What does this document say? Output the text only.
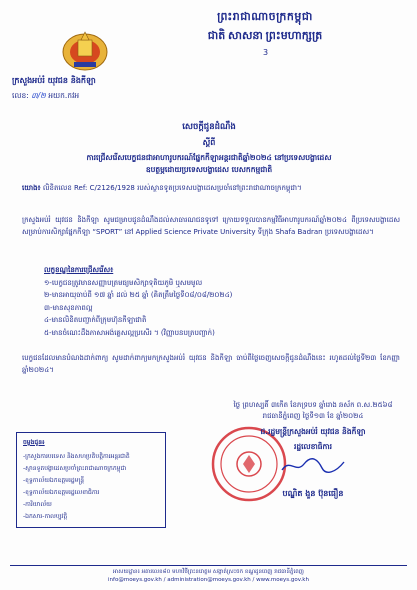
ព្រះរាជាណាចក្រកម្ពុជា
ជាតិ សាសនា ព្រះមហាក្សត្រ
3
ក្រសួងអប់រំ យុវជន និងកីឡា
លេខ: ៣/២ អយក.កវអ
សេចក្តីជូនដំណឹង
ស្តីពី
ការជ្រើសរើសបេក្ខជនជាអាហារូបករណ៍ផ្នែកកីឡាអន្តរជាតិឆ្នាំ២០២៤ នៅប្រទេសបង្លាដេស
ឧបត្ថម្ភដោយប្រទេសបង្លាដេស បេសកកម្មជាតិ
យោង៖ លិខិតលេខ Ref: C/2126/1928 របស់ស្ថានទូតប្រទេសបង្លាដេសប្រចាំនៅព្រះរាជាណាចក្រកម្ពុជា។
ក្រសួងអប់រំ យុវជន និងកីឡា សូមជម្រាបជូនដំណឹងដល់សាធារណជនទូទៅ ក្រោយទទួលបានកម្មវិធីអាហារូបករណ៍ឆ្នាំ២០២៤ ពីប្រទេសបង្លាដេស សម្រាប់ការសិក្សាផ្នែកកីឡា “SPORT” នៅ Applied Science Private University ទីក្រុង Shafa Badran ប្រទេសបង្លាដេស។
លក្ខខណ្ឌនៃការជ្រើសរើស៖
១-បេក្ខជនត្រូវមានសញ្ញាបត្រមធ្យមសិក្សាទុតិយភូមិ ឬសមមូល
២-មានអាយុចាប់ពី ១៧ ឆ្នាំ ដល់ ២៥ ឆ្នាំ (គិតត្រឹមថ្ងៃទី០៨/០៨/២០២៤)
៣-មានសុខភាពល្អ
៤-មានលិខិតបញ្ជាក់ពីក្រុមហ៊ុនកីឡាជាតិ
៥-មានចំណេះដឹងភាសាអង់គ្លេសល្អប្រសើរ ។ (វិញ្ញាបនបត្របញ្ជាក់)
បេក្ខជនដែលមានបំណងដាក់ពាក្យ សូមដាក់ពាក្យមកក្រសួងអប់រំ យុវជន និងកីឡា ចាប់ពីថ្ងៃចេញសេចក្តីជូនដំណឹងនេះ រហូតដល់ថ្ងៃទី២៣ ខែកញ្ញា ឆ្នាំ២០២៤។
ថ្ងៃ ព្រហស្បតិ៍ ៣កើត ខែភទ្របទ ឆ្នាំរោង ឆស័ក ព.ស.២៥៦៨
រាជធានីភ្នំពេញ ថ្ងៃទី១៣ ខែ ឆ្នាំ២០២៤
ជ.រដ្ឋមន្ត្រីក្រសួងអប់រំ យុវជន និងកីឡា
រដ្ឋលេខាធិការ
បណ្ឌិត ងួន ប៊ុនធឿន
ចម្លងជូន៖
-ក្រសួងការបរទេស និងសហប្រតិបត្តិការអន្តរជាតិ
-ស្ថានទូតបង្លាដេសប្រចាំព្រះរាជាណាចក្រកម្ពុជា
-ខុទ្ទកាល័យឯកឧត្តមរដ្ឋមន្ត្រី
-ខុទ្ទកាល័យឯកឧត្តមរដ្ឋលេខាធិការ
-ការិយាល័យ
-ឯកសារ-កាលប្បវត្តិ
អាសយដ្ឋាន៖ អគារលេខ៨០ មហាវិថីព្រះនរោត្តម សង្កាត់ស្រះចក ខណ្ឌដូនពេញ រាជធានីភ្នំពេញ
info@moeys.gov.kh / administration@moeys.gov.kh / www.moeys.gov.kh
